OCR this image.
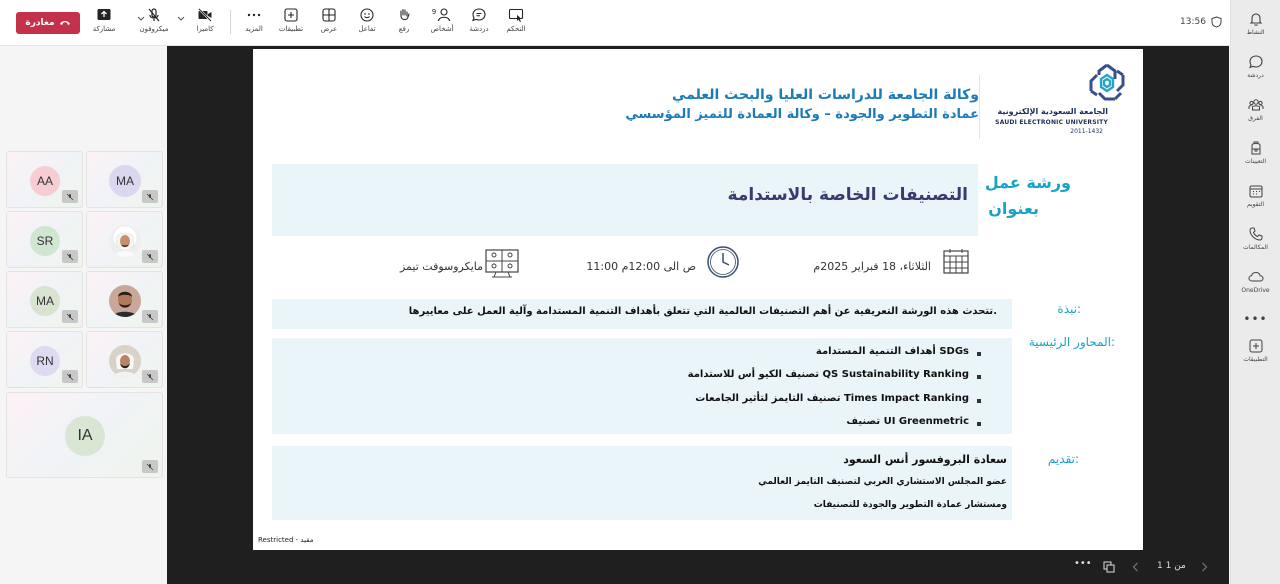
مغادرة
مشاركة	ميكروفون	كاميرا	المزيد تطبيقات	عرض	تفاعل	رفع
9
أشخاص دردشة	التحكم
13:56
النشاط
دردشة
الفرق
التعيينات
التقويم
المكالمات
OneDrive
•••
التطبيقات
AA	MA
SR
MA
RN
IA
الجامعة السعودية الإلكترونية
SAUDI ELECTRONIC UNIVERSITY
2011-1432
وكالة الجامعة للدراسات العليا والبحث العلمي
عمادة التطوير والجودة – وكالة العمادة للتميز المؤسسي
التصنيفات الخاصة بالاستدامة
ورشة عمل
بعنوان
الثلاثاء، 18 فبراير 2025م
11:00 ص الى 12:00م
مايكروسوفت تيمز
نبذة:
تتحدث هذه الورشة التعريفية عن أهم التصنيفات العالمية التي تتعلق بأهداف التنمية المستدامة وآلية العمل على معاييرها.
المحاور الرئيسية:
أهداف التنمية المستدامة SDGs
تصنيف الكيو أس للاستدامة QS Sustainability Ranking
تصنيف التايمز لتأثير الجامعات Times Impact Ranking
تصنيف UI Greenmetric
تقديم:
سعادة البروفسور أنس السعود
عضو المجلس الاستشاري العربي لتصنيف التايمز العالمي
ومستشار عمادة التطوير والجودة للتصنيفات
Restricted - مقيد
•••	1 من 1
